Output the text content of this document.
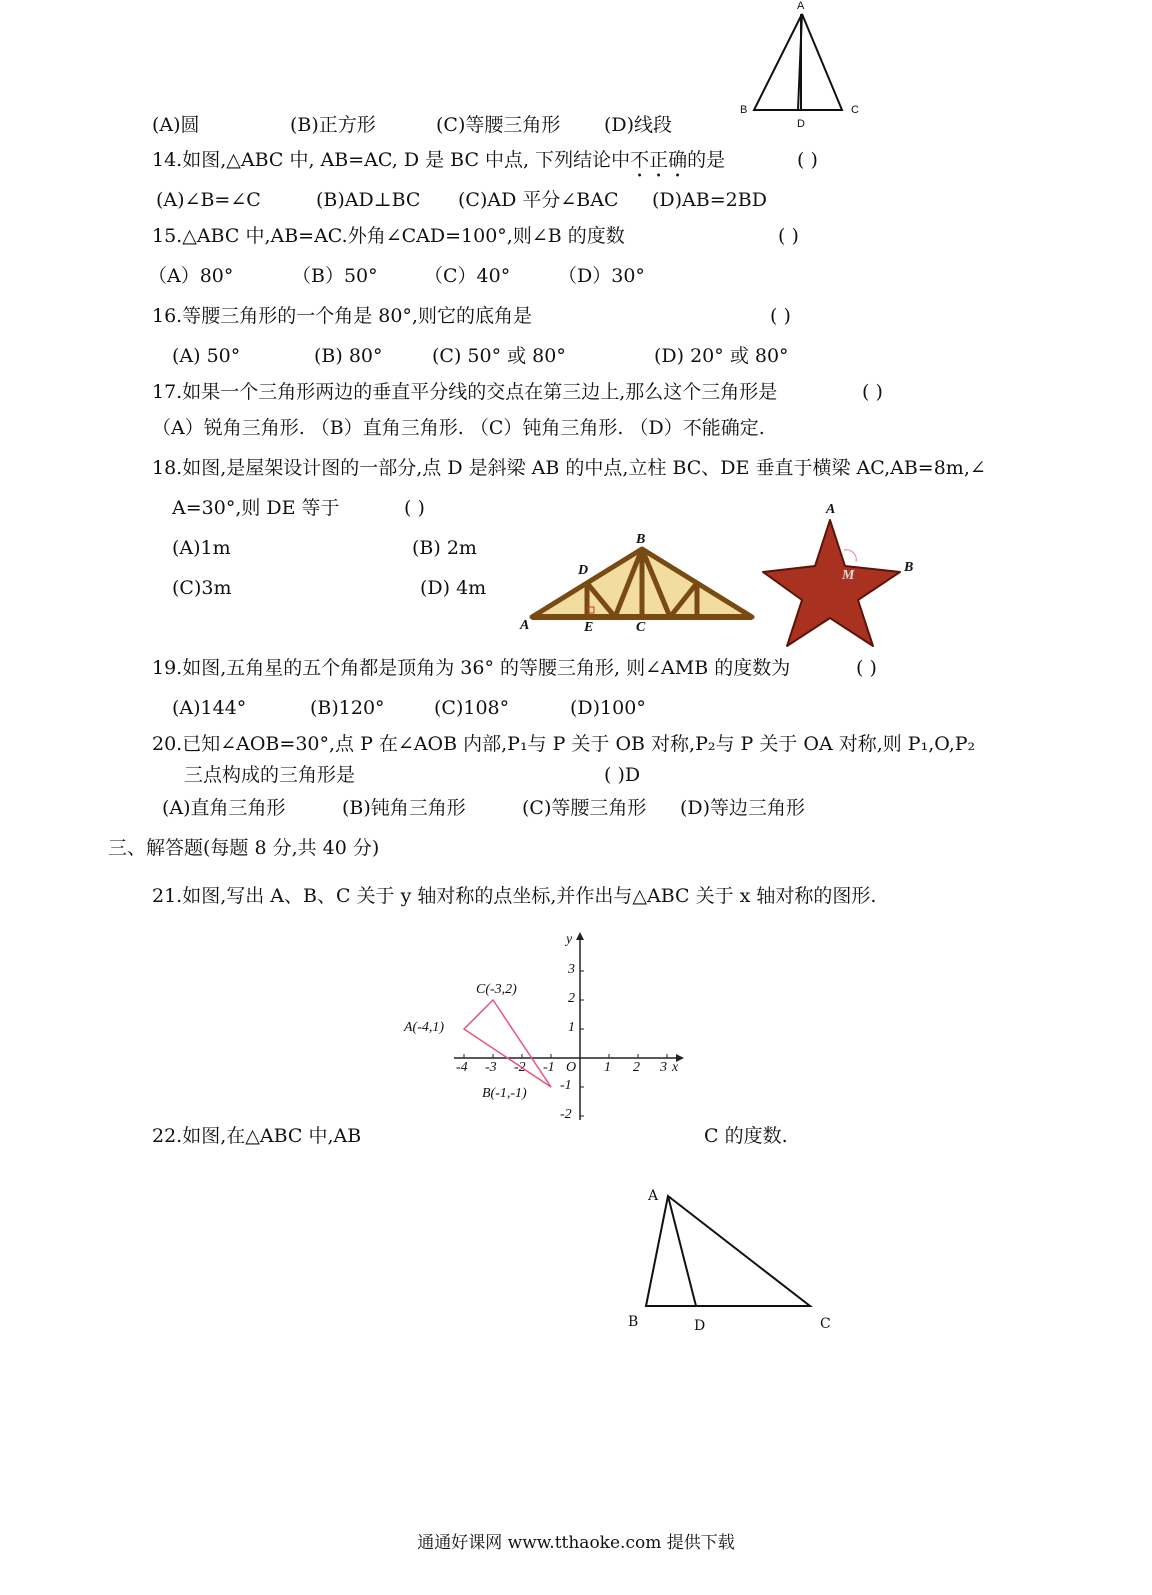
A
B	C
D
(A)圆	(B)正方形	(C)等腰三角形 (D)线段
14.如图,△ABC 中, AB=AC, D 是 BC 中点, 下列结论中不正确的是	( )
(A)∠B=∠C	(B)AD⊥BC (C)AD 平分∠BAC (D)AB=2BD
15.△ABC 中,AB=AC.外角∠CAD=100°,则∠B 的度数	( )
（A）80°	（B）50° （C）40°	（D）30°
16.等腰三角形的一个角是 80°,则它的底角是	( )
(A) 50°	(B) 80°	(C) 50° 或 80°	(D) 20° 或 80°
17.如果一个三角形两边的垂直平分线的交点在第三边上,那么这个三角形是	( )
（A）锐角三角形. （B）直角三角形. （C）钝角三角形. （D）不能确定.
18.如图,是屋架设计图的一部分,点 D 是斜梁 AB 的中点,立柱 BC、DE 垂直于横梁 AC,AB=8m,∠
A=30°,则 DE 等于	( )
(A)1m	(B) 2m
(C)3m	(D) 4m
A
B
C
D
E
A
B
M
19.如图,五角星的五个角都是顶角为 36° 的等腰三角形, 则∠AMB 的度数为	( )
(A)144°	(B)120°	(C)108°	(D)100°
20.已知∠AOB=30°,点 P 在∠AOB 内部,P₁与 P 关于 OB 对称,P₂与 P 关于 OA 对称,则 P₁,O,P₂
三点构成的三角形是	( )D
(A)直角三角形	(B)钝角三角形	(C)等腰三角形 (D)等边三角形
三、解答题(每题 8 分,共 40 分)
21.如图,写出 A、B、C 关于 y 轴对称的点坐标,并作出与△ABC 关于 x 轴对称的图形.
y
x
O
A(-4,1)
C(-3,2)
B(-1,-1)
-4 -3 -2 -1	1 2 3
3
2
1
-1
-2
22.如图,在△ABC 中,AB	C 的度数.
A
B	D	C
通通好课网 www.tthaoke.com 提供下载
